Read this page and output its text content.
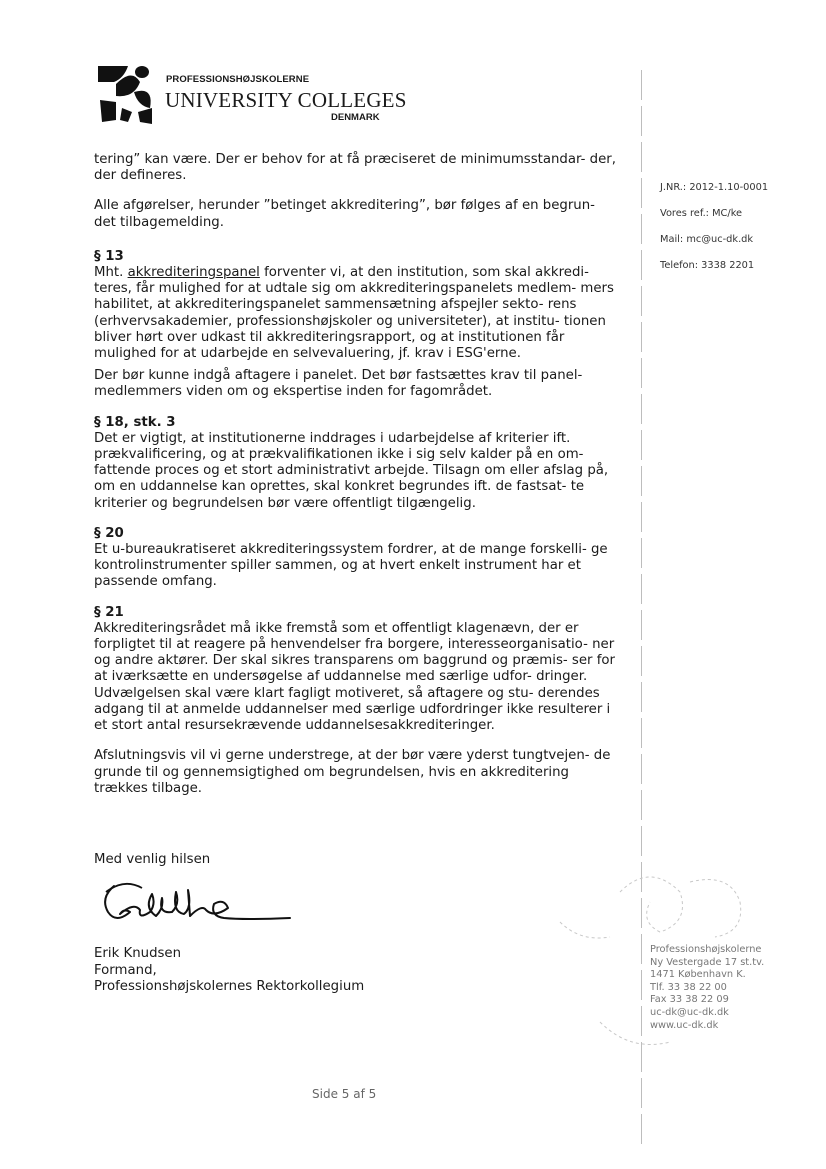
PROFESSIONSHØJSKOLERNE
UNIVERSITY COLLEGES
DENMARK

tering” kan være. Der er behov for at få præciseret de minimumsstandar- der, der defineres.

Alle afgørelser, herunder ”betinget akkreditering”, bør følges af en begrun- det tilbagemelding.

§ 13

Mht. akkrediteringspanel forventer vi, at den institution, som skal akkredi- teres, får mulighed for at udtale sig om akkrediteringspanelets medlem- mers habilitet, at akkrediteringspanelet sammensætning afspejler sekto- rens (erhvervsakademier, professionshøjskoler og universiteter), at institu- tionen bliver hørt over udkast til akkrediteringsrapport, og at institutionen får mulighed for at udarbejde en selvevaluering, jf. krav i ESG'erne.

Der bør kunne indgå aftagere i panelet. Det bør fastsættes krav til panel- medlemmers viden om og ekspertise inden for fagområdet.

§ 18, stk. 3

Det er vigtigt, at institutionerne inddrages i udarbejdelse af kriterier ift. prækvalificering, og at prækvalifikationen ikke i sig selv kalder på en om- fattende proces og et stort administrativt arbejde. Tilsagn om eller afslag på, om en uddannelse kan oprettes, skal konkret begrundes ift. de fastsat- te kriterier og begrundelsen bør være offentligt tilgængelig.

§ 20

Et u-bureaukratiseret akkrediteringssystem fordrer, at de mange forskelli- ge kontrolinstrumenter spiller sammen, og at hvert enkelt instrument har et passende omfang.

§ 21

Akkrediteringsrådet må ikke fremstå som et offentligt klagenævn, der er forpligtet til at reagere på henvendelser fra borgere, interesseorganisatio- ner og andre aktører. Der skal sikres transparens om baggrund og præmis- ser for at iværksætte en undersøgelse af uddannelse med særlige udfor- dringer. Udvælgelsen skal være klart fagligt motiveret, så aftagere og stu- derendes adgang til at anmelde uddannelser med særlige udfordringer ikke resulterer i et stort antal resursekrævende uddannelsesakkrediteringer.

Afslutningsvis vil vi gerne understrege, at der bør være yderst tungtvejen- de grunde til og gennemsigtighed om begrundelsen, hvis en akkreditering trækkes tilbage.

Med venlig hilsen
Erik Knudsen
Formand,
Professionshøjskolernes Rektorkollegium
J.NR.: 2012-1.10-0001
Vores ref.: MC/ke
Mail: mc@uc-dk.dk
Telefon: 3338 2201
Professionshøjskolerne
Ny Vestergade 17 st.tv.
1471 København K.
Tlf. 33 38 22 00
Fax 33 38 22 09
uc-dk@uc-dk.dk
www.uc-dk.dk
Side 5 af 5
